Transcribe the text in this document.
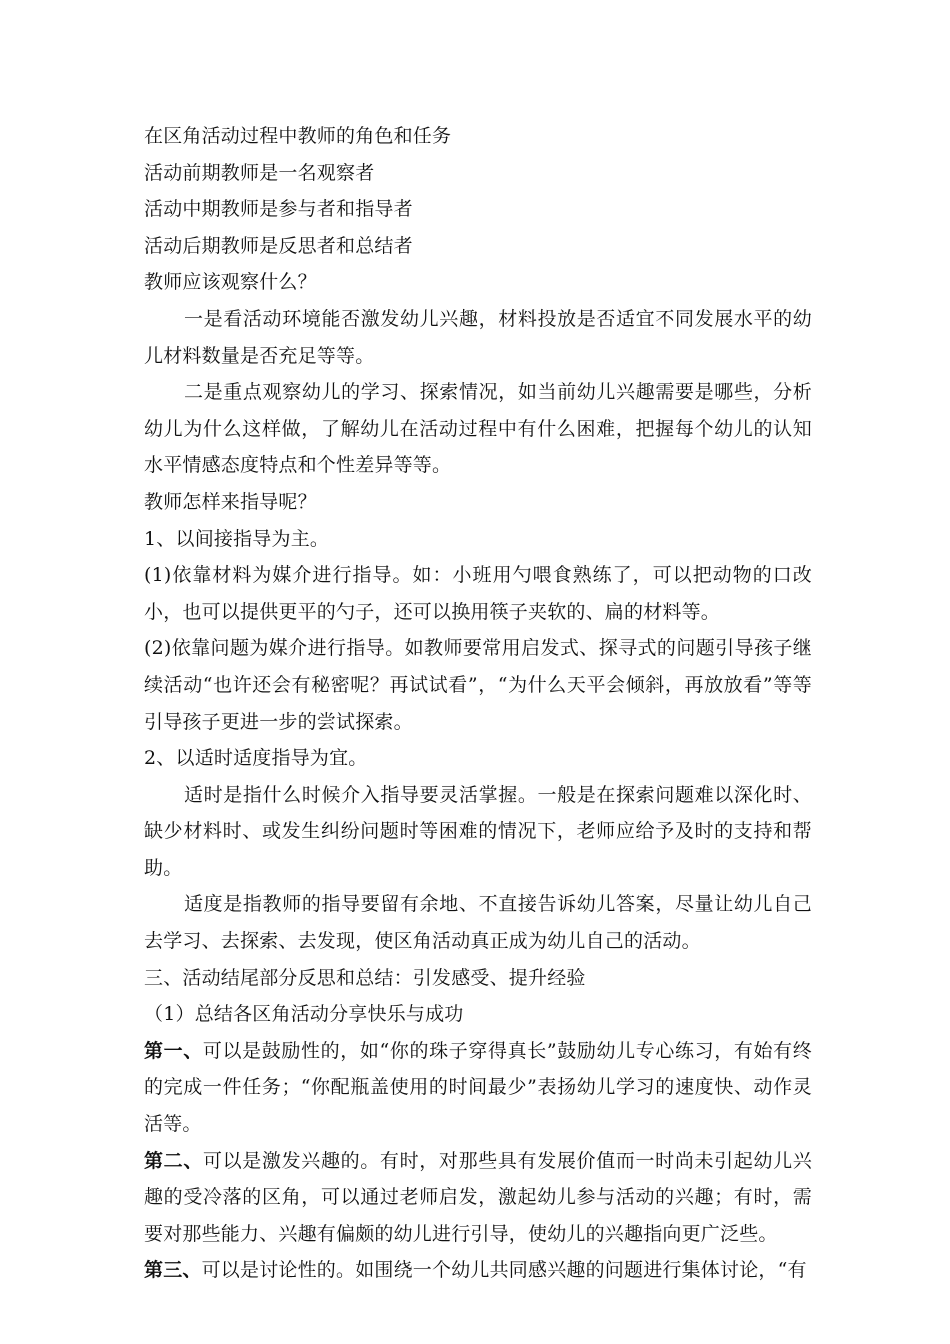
在区角活动过程中教师的角色和任务
活动前期教师是一名观察者
活动中期教师是参与者和指导者
活动后期教师是反思者和总结者
教师应该观察什么？
一是看活动环境能否激发幼儿兴趣，材料投放是否适宜不同发展水平的幼儿材料数量是否充足等等。
二是重点观察幼儿的学习、探索情况，如当前幼儿兴趣需要是哪些，分析幼儿为什么这样做，了解幼儿在活动过程中有什么困难，把握每个幼儿的认知水平情感态度特点和个性差异等等。
教师怎样来指导呢？
1、以间接指导为主。
(1)依靠材料为媒介进行指导。如：小班用勺喂食熟练了，可以把动物的口改小，也可以提供更平的勺子，还可以换用筷子夹软的、扁的材料等。
(2)依靠问题为媒介进行指导。如教师要常用启发式、探寻式的问题引导孩子继续活动“也许还会有秘密呢？再试试看”，“为什么天平会倾斜，再放放看”等等引导孩子更进一步的尝试探索。
2、以适时适度指导为宜。
适时是指什么时候介入指导要灵活掌握。一般是在探索问题难以深化时、缺少材料时、或发生纠纷问题时等困难的情况下，老师应给予及时的支持和帮助。
适度是指教师的指导要留有余地、不直接告诉幼儿答案，尽量让幼儿自己去学习、去探索、去发现，使区角活动真正成为幼儿自己的活动。
三、活动结尾部分反思和总结：引发感受、提升经验
（1）总结各区角活动分享快乐与成功
第一、可以是鼓励性的，如“你的珠子穿得真长”鼓励幼儿专心练习，有始有终的完成一件任务；“你配瓶盖使用的时间最少”表扬幼儿学习的速度快、动作灵活等。
第二、可以是激发兴趣的。有时，对那些具有发展价值而一时尚未引起幼儿兴趣的受冷落的区角，可以通过老师启发，激起幼儿参与活动的兴趣；有时，需要对那些能力、兴趣有偏颇的幼儿进行引导，使幼儿的兴趣指向更广泛些。
第三、可以是讨论性的。如围绕一个幼儿共同感兴趣的问题进行集体讨论，“有
